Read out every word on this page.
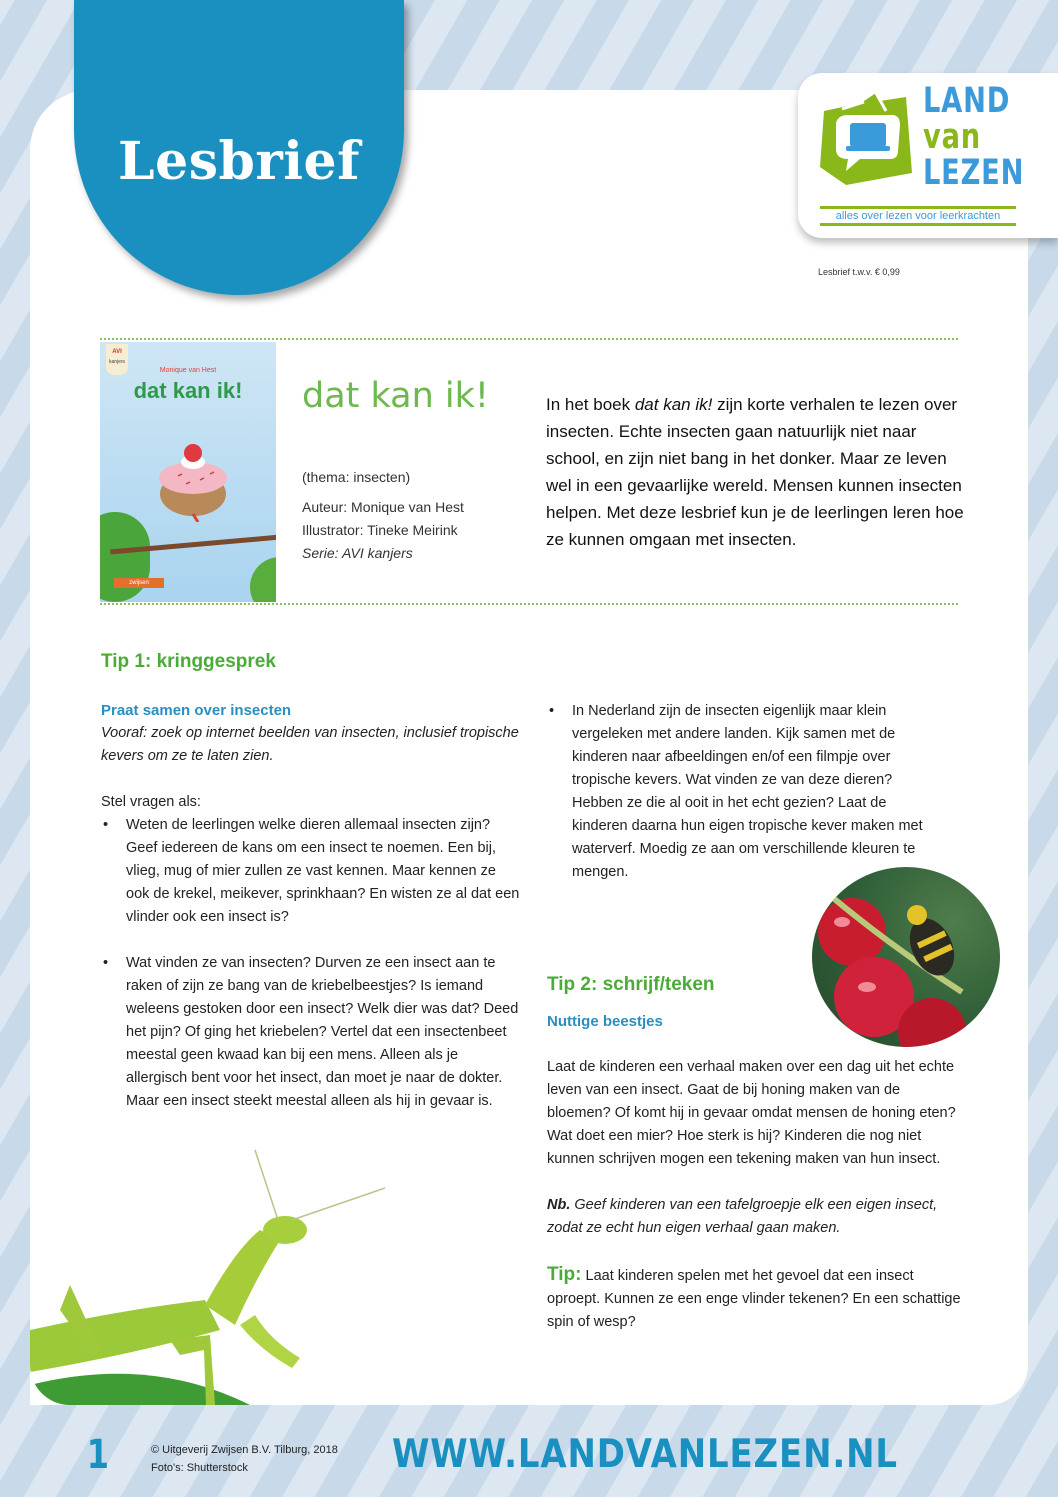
Lesbrief
LAND
van
LEZEN
alles over lezen voor leerkrachten
Lesbrief t.w.v. € 0,99
AVI
kanjers
Monique van Hest
dat kan ik!
zwijsen
dat kan ik!
(thema: insecten)
Auteur: Monique van Hest
Illustrator: Tineke Meirink
Serie: AVI kanjers
In het boek dat kan ik! zijn korte verhalen te lezen over insecten. Echte insecten gaan natuurlijk niet naar school, en zijn niet bang in het donker. Maar ze leven wel in een gevaarlijke wereld. Mensen kunnen insecten helpen. Met deze lesbrief kun je de leerlingen leren hoe ze kunnen omgaan met insecten.
Tip 1: kringgesprek
Praat samen over insecten
Vooraf: zoek op internet beelden van insecten, inclusief tropische kevers om ze te laten zien.
Stel vragen als:
• Weten de leerlingen welke dieren allemaal insecten zijn? Geef iedereen de kans om een insect te noemen. Een bij, vlieg, mug of mier zullen ze vast kennen. Maar kennen ze ook de krekel, meikever, sprinkhaan? En wisten ze al dat een vlinder ook een insect is?
• Wat vinden ze van insecten? Durven ze een insect aan te raken of zijn ze bang van de kriebelbeestjes? Is iemand weleens gestoken door een insect? Welk dier was dat? Deed het pijn? Of ging het kriebelen? Vertel dat een insectenbeet meestal geen kwaad kan bij een mens. Alleen als je allergisch bent voor het insect, dan moet je naar de dokter. Maar een insect steekt meestal alleen als hij in gevaar is.
• In Nederland zijn de insecten eigenlijk maar klein vergeleken met andere landen. Kijk samen met de kinderen naar afbeeldingen en/of een filmpje over tropische kevers. Wat vinden ze van deze dieren? Hebben ze die al ooit in het echt gezien? Laat de kinderen daarna hun eigen tropische kever maken met waterverf. Moedig ze aan om verschillende kleuren te mengen.
Tip 2: schrijf/teken
Nuttige beestjes
Laat de kinderen een verhaal maken over een dag uit het echte leven van een insect. Gaat de bij honing maken van de bloemen? Of komt hij in gevaar omdat mensen de honing eten? Wat doet een mier? Hoe sterk is hij? Kinderen die nog niet kunnen schrijven mogen een tekening maken van hun insect.
Nb. Geef kinderen van een tafelgroepje elk een eigen insect, zodat ze echt hun eigen verhaal gaan maken.
Tip: Laat kinderen spelen met het gevoel dat een insect oproept. Kunnen ze een enge vlinder tekenen? En een schattige spin of wesp?
1	© Uitgeverij Zwijsen B.V. Tilburg, 2018
Foto's: Shutterstock	WWW.LANDVANLEZEN.NL
